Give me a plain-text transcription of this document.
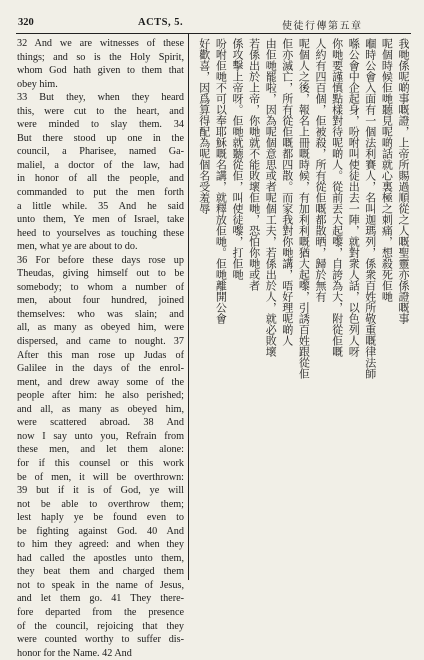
320	ACTS, 5.	使徒行傳第五章
32 And we are witnesses of these
things; and so is the Holy Spirit,
whom God hath given to them that
obey him.
33 But they, when they heard
this, were cut to the heart, and
were minded to slay them. 34
But there stood up one in the
council, a Pharisee, named Ga-
maliel, a doctor of the law, had
in honor of all the people, and
commanded to put the men forth
a little while. 35 And he said
unto them, Ye men of Israel, take
heed to yourselves as touching these
men, what ye are about to do.
36 For before these days rose up
Theudas, giving himself out to be
somebody; to whom a number of
men, about four hundred, joined
themselves: who was slain; and
all, as many as obeyed him, were
dispersed, and came to nought. 37
After this man rose up Judas of
Galilee in the days of the enrol-
ment, and drew away some of the
people after him: he also perished;
and all, as many as obeyed him,
were scattered abroad. 38 And
now I say unto you, Refrain from
these men, and let them alone:
for if this counsel or this work
be of men, it will be overthrown:
39 but if it is of God, ye will
not be able to overthrow them;
lest haply ye be found even to
be fighting against God. 40 And
to him they agreed: and when they
had called the apostles unto them,
they beat them and charged them
not to speak in the name of Jesus,
and let them go. 41 They there-
fore departed from the presence
of the council, rejoicing that they
were counted worthy to suffer dis-
honor for the Name. 42 And
我哋係呢啲事嘅證，上帝所賜過順從之人嘅聖靈亦係證嘅事
呢個時候佢哋聽見呢啲話就心裏極之刺痛，想殺死佢哋
嗰時公會入面有一個法利賽人，名叫迦瑪列，係衆百姓所敬重嘅律法師
喺公會中企起身，吩咐叫使徒出去一陣，就對衆人話，以色列人呀
你哋要謹慎點樣對待呢啲人。從前丟大起嚟，自誇為大，附從佢嘅
人約有四百個，佢被殺，所有從佢嘅都散晒，歸於無有
呢個人之後，報名上冊嘅時候，有加利利嘅猶大起嚟，引誘百姓跟從佢
佢亦滅亡，所有從佢嘅都四散。而家我對你哋講，唔好理呢啲人
由佢哋罷啦，因為呢個意思或者呢個工夫，若係出於人，就必敗壞
若係出於上帝，你哋就不能敗壞佢哋，恐怕你哋或者
係攻擊上帝呀。佢哋就聽從佢，叫使徒嚟，打佢哋
吩咐佢哋不可以奉耶穌嘅名講，就釋放佢哋。佢哋離開公會
好歡喜，因爲算得配為呢個名受羞辱
